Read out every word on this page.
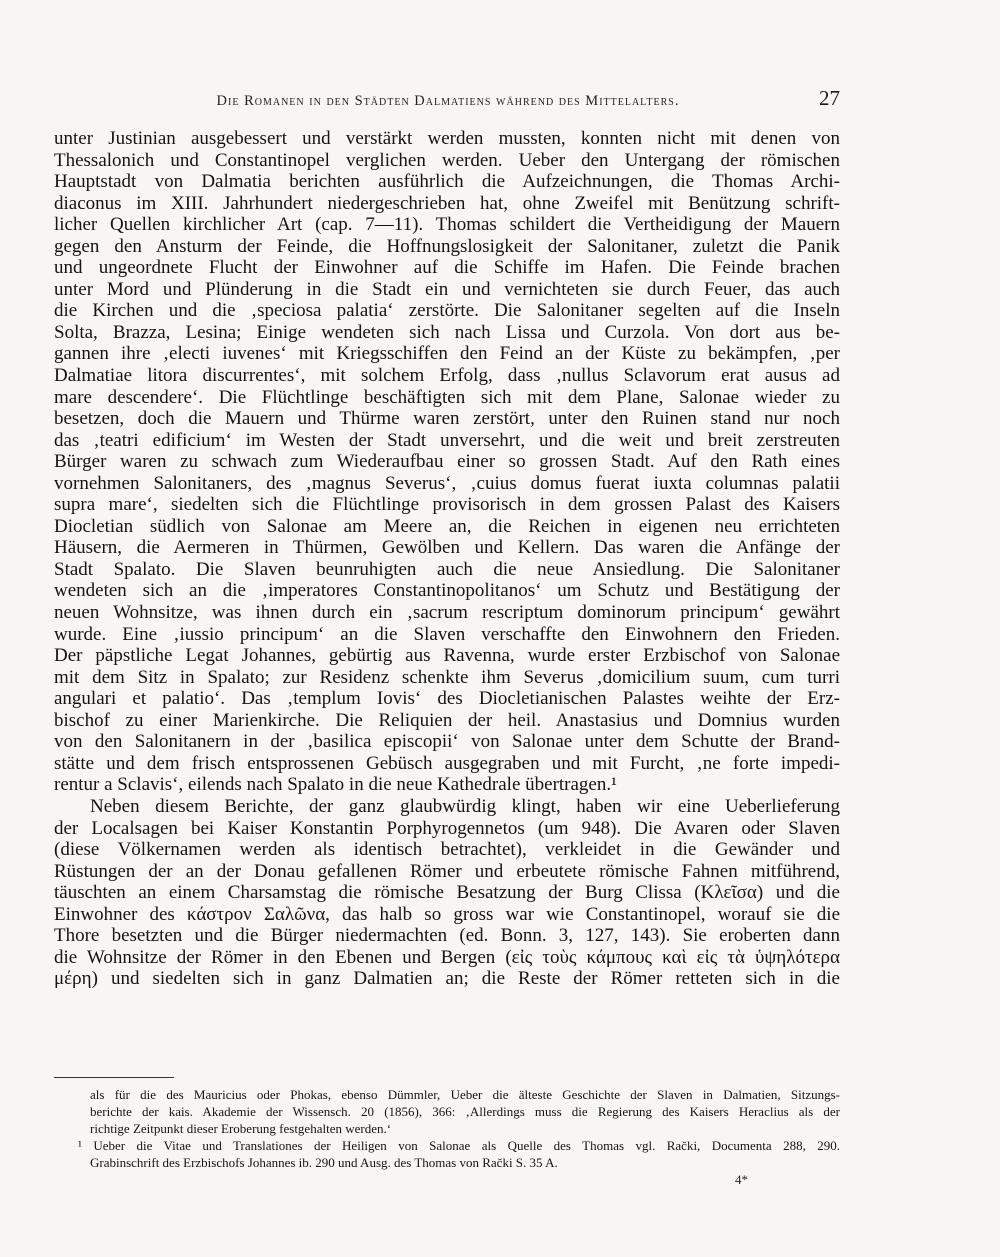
Die Romanen in den Städten Dalmatiens während des Mittelalters.	27
unter Justinian ausgebessert und verstärkt werden mussten, konnten nicht mit denen von
Thessalonich und Constantinopel verglichen werden. Ueber den Untergang der römischen
Hauptstadt von Dalmatia berichten ausführlich die Aufzeichnungen, die Thomas Archi-
diaconus im XIII. Jahrhundert niedergeschrieben hat, ohne Zweifel mit Benützung schrift-
licher Quellen kirchlicher Art (cap. 7—11). Thomas schildert die Vertheidigung der Mauern
gegen den Ansturm der Feinde, die Hoffnungslosigkeit der Salonitaner, zuletzt die Panik
und ungeordnete Flucht der Einwohner auf die Schiffe im Hafen. Die Feinde brachen
unter Mord und Plünderung in die Stadt ein und vernichteten sie durch Feuer, das auch
die Kirchen und die ‚speciosa palatia‘ zerstörte. Die Salonitaner segelten auf die Inseln
Solta, Brazza, Lesina; Einige wendeten sich nach Lissa und Curzola. Von dort aus be-
gannen ihre ‚electi iuvenes‘ mit Kriegsschiffen den Feind an der Küste zu bekämpfen, ‚per
Dalmatiae litora discurrentes‘, mit solchem Erfolg, dass ‚nullus Sclavorum erat ausus ad
mare descendere‘. Die Flüchtlinge beschäftigten sich mit dem Plane, Salonae wieder zu
besetzen, doch die Mauern und Thürme waren zerstört, unter den Ruinen stand nur noch
das ‚teatri edificium‘ im Westen der Stadt unversehrt, und die weit und breit zerstreuten
Bürger waren zu schwach zum Wiederaufbau einer so grossen Stadt. Auf den Rath eines
vornehmen Salonitaners, des ‚magnus Severus‘, ‚cuius domus fuerat iuxta columnas palatii
supra mare‘, siedelten sich die Flüchtlinge provisorisch in dem grossen Palast des Kaisers
Diocletian südlich von Salonae am Meere an, die Reichen in eigenen neu errichteten
Häusern, die Aermeren in Thürmen, Gewölben und Kellern. Das waren die Anfänge der
Stadt Spalato. Die Slaven beunruhigten auch die neue Ansiedlung. Die Salonitaner
wendeten sich an die ‚imperatores Constantinopolitanos‘ um Schutz und Bestätigung der
neuen Wohnsitze, was ihnen durch ein ‚sacrum rescriptum dominorum principum‘ gewährt
wurde. Eine ‚iussio principum‘ an die Slaven verschaffte den Einwohnern den Frieden.
Der päpstliche Legat Johannes, gebürtig aus Ravenna, wurde erster Erzbischof von Salonae
mit dem Sitz in Spalato; zur Residenz schenkte ihm Severus ‚domicilium suum, cum turri
angulari et palatio‘. Das ‚templum Iovis‘ des Diocletianischen Palastes weihte der Erz-
bischof zu einer Marienkirche. Die Reliquien der heil. Anastasius und Domnius wurden
von den Salonitanern in der ‚basilica episcopii‘ von Salonae unter dem Schutte der Brand-
stätte und dem frisch entsprossenen Gebüsch ausgegraben und mit Furcht, ‚ne forte impedi-
rentur a Sclavis‘, eilends nach Spalato in die neue Kathedrale übertragen.¹
Neben diesem Berichte, der ganz glaubwürdig klingt, haben wir eine Ueberlieferung
der Localsagen bei Kaiser Konstantin Porphyrogennetos (um 948). Die Avaren oder Slaven
(diese Völkernamen werden als identisch betrachtet), verkleidet in die Gewänder und
Rüstungen der an der Donau gefallenen Römer und erbeutete römische Fahnen mitführend,
täuschten an einem Charsamstag die römische Besatzung der Burg Clissa (Κλεῖσα) und die
Einwohner des κάστρον Σαλῶνα, das halb so gross war wie Constantinopel, worauf sie die
Thore besetzten und die Bürger niedermachten (ed. Bonn. 3, 127, 143). Sie eroberten dann
die Wohnsitze der Römer in den Ebenen und Bergen (εἰς τοὺς κάμπους καὶ εἰς τὰ ὑψηλότερα
μέρη) und siedelten sich in ganz Dalmatien an; die Reste der Römer retteten sich in die
als für die des Mauricius oder Phokas, ebenso Dümmler, Ueber die älteste Geschichte der Slaven in Dalmatien, Sitzungs-
berichte der kais. Akademie der Wissensch. 20 (1856), 366: ‚Allerdings muss die Regierung des Kaisers Heraclius als der
richtige Zeitpunkt dieser Eroberung festgehalten werden.‘
¹ Ueber die Vitae und Translationes der Heiligen von Salonae als Quelle des Thomas vgl. Rački, Documenta 288, 290.
Grabinschrift des Erzbischofs Johannes ib. 290 und Ausg. des Thomas von Rački S. 35 A.
4*
